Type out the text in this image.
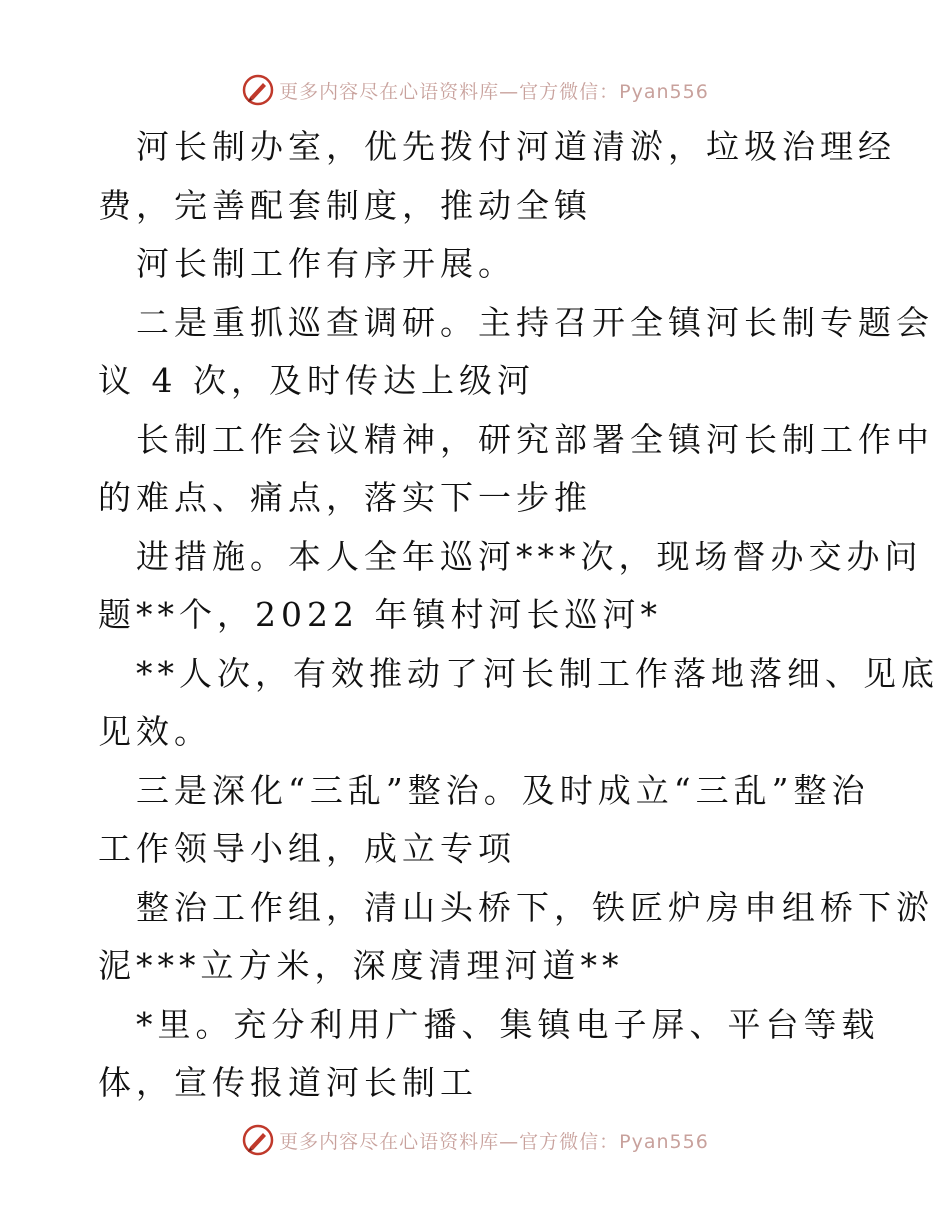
更多内容尽在心语资料库—官方微信：Pyan556
河长制办室，优先拨付河道清淤，垃圾治理经
费，完善配套制度，推动全镇
河长制工作有序开展。
二是重抓巡查调研。主持召开全镇河长制专题会
议 4 次，及时传达上级河
长制工作会议精神，研究部署全镇河长制工作中
的难点、痛点，落实下一步推
进措施。本人全年巡河***次，现场督办交办问
题**个，2022 年镇村河长巡河*
**人次，有效推动了河长制工作落地落细、见底
见效。
三是深化“三乱”整治。及时成立“三乱”整治
工作领导小组，成立专项
整治工作组，清山头桥下，铁匠炉房申组桥下淤
泥***立方米，深度清理河道**
*里。充分利用广播、集镇电子屏、平台等载
体，宣传报道河长制工
更多内容尽在心语资料库—官方微信：Pyan556
